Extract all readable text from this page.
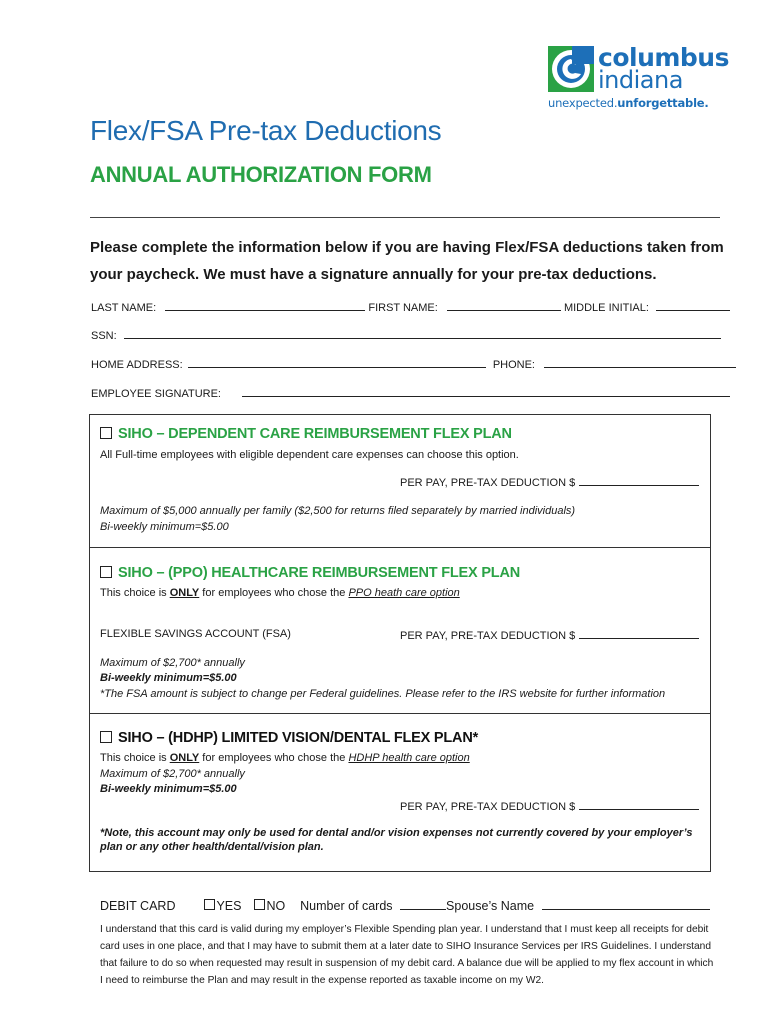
columbus
indiana
unexpected.unforgettable.
Flex/FSA Pre-tax Deductions
ANNUAL AUTHORIZATION FORM

Please complete the information below if you are having Flex/FSA deductions taken from your paycheck. We must have a signature annually for your pre-tax deductions.

LAST NAME:	FIRST NAME:	MIDDLE INITIAL:
SSN:
HOME ADDRESS:	PHONE:
EMPLOYEE SIGNATURE:
SIHO – DEPENDENT CARE REIMBURSEMENT FLEX PLAN
All Full-time employees with eligible dependent care expenses can choose this option.
PER PAY, PRE-TAX DEDUCTION $
Maximum of $5,000 annually per family ($2,500 for returns filed separately by married individuals)
Bi-weekly minimum=$5.00
SIHO – (PPO) HEALTHCARE REIMBURSEMENT FLEX PLAN
This choice is ONLY for employees who chose the PPO heath care option
FLEXIBLE SAVINGS ACCOUNT (FSA)	PER PAY, PRE-TAX DEDUCTION $
Maximum of $2,700* annually
Bi-weekly minimum=$5.00
*The FSA amount is subject to change per Federal guidelines. Please refer to the IRS website for further information
SIHO – (HDHP) LIMITED VISION/DENTAL FLEX PLAN*
This choice is ONLY for employees who chose the HDHP health care option
Maximum of $2,700* annually
Bi-weekly minimum=$5.00
PER PAY, PRE-TAX DEDUCTION $
*Note, this account may only be used for dental and/or vision expenses not currently covered by your employer’s plan or any other health/dental/vision plan.
DEBIT CARD	YES NO Number of cards	Spouse’s Name

I understand that this card is valid during my employer’s Flexible Spending plan year. I understand that I must keep all receipts for debit card uses in one place, and that I may have to submit them at a later date to SIHO Insurance Services per IRS Guidelines. I understand that failure to do so when requested may result in suspension of my debit card. A balance due will be applied to my flex account in which I need to reimburse the Plan and may result in the expense reported as taxable income on my W2.
